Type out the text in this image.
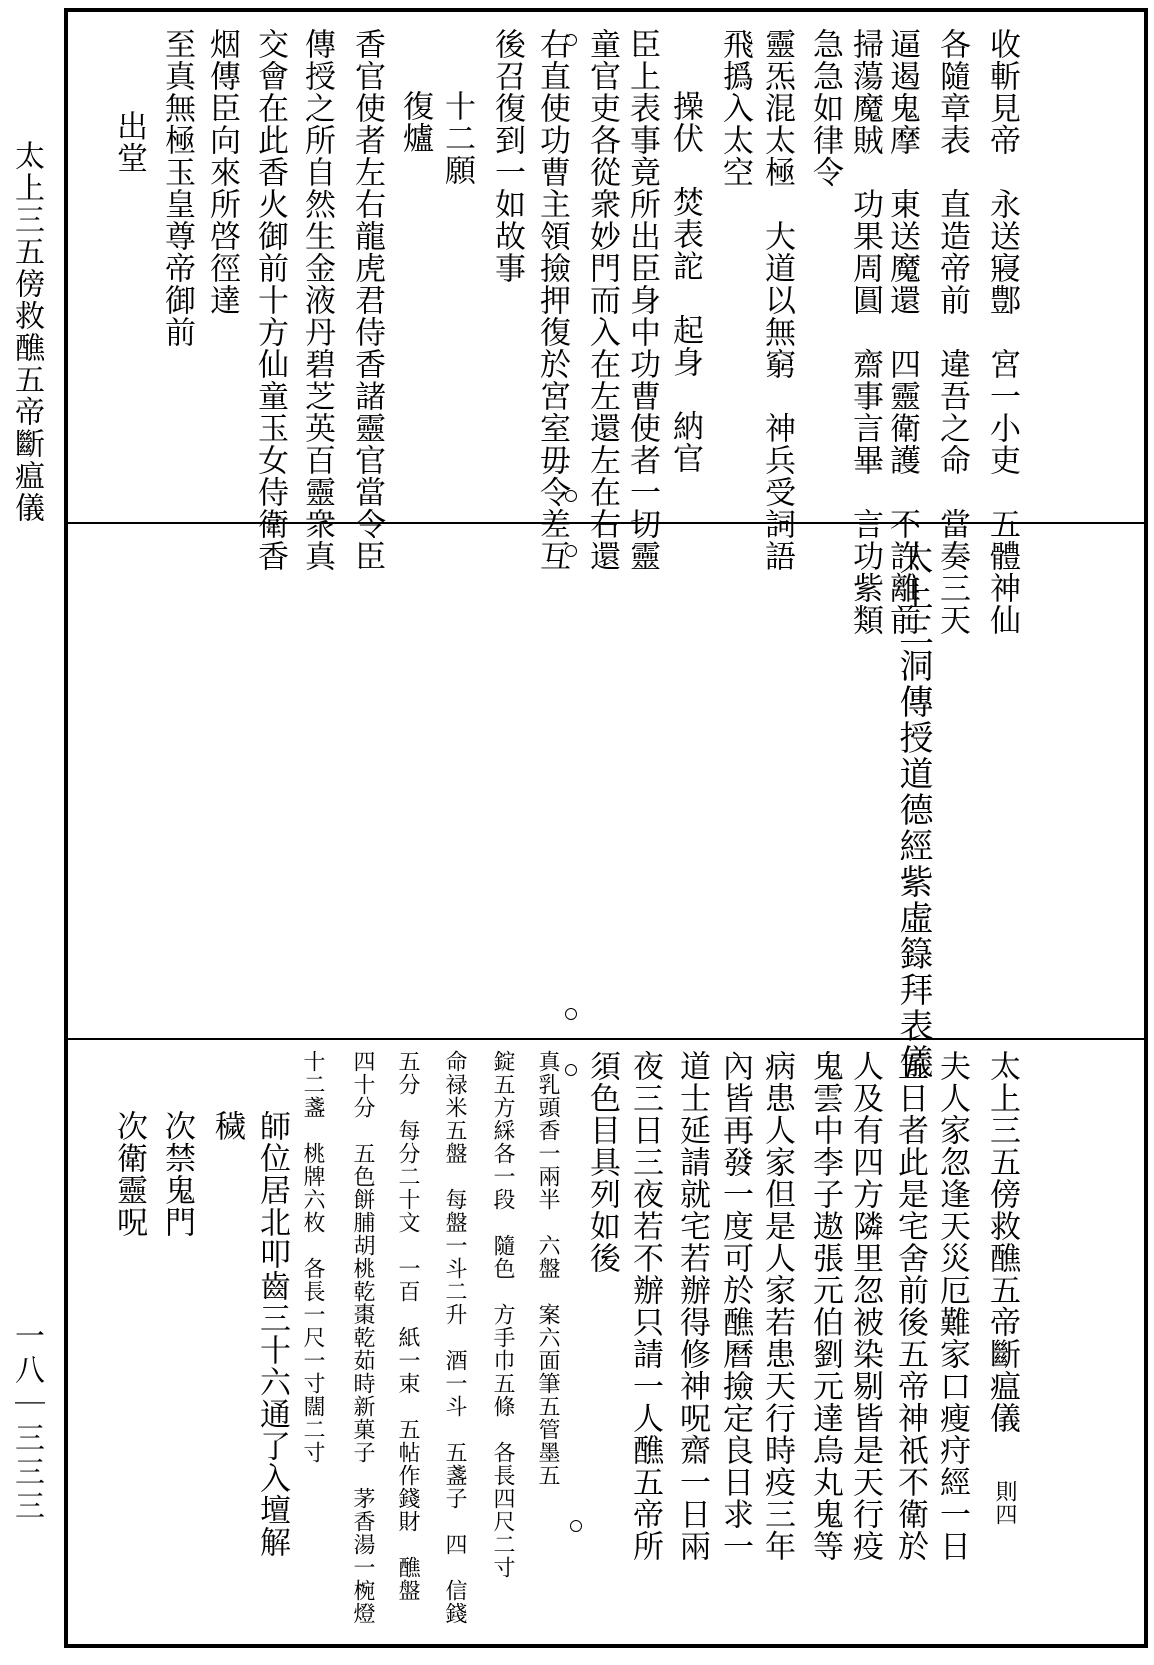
太上三五傍救醮五帝斷瘟儀
一八｜三三三
收斬見帝　永送寢鄷　宮一小吏　五體神仙
各隨章表　直造帝前　違吾之命　當奏三天
逼遏鬼摩　東送魔還　四靈衛護　不許離前
掃蕩魔賊　功果周圓　齋事言畢　言功紫類
急急如律令
靈炁混太極　大道以無窮　神兵受詞語
飛撝入太空
操伏　焚表詑　起身　納官
臣上表事竟所出臣身中功曹使者一切靈
童官吏各從衆妙門而入在左還左在右還
右直使功曹主領撿押復於宮室毋令差互
後召復到一如故事
十二願
復爐
香官使者左右龍虎君侍香諸靈官當令臣
傳授之所自然生金液丹碧芝英百靈衆真
交會在此香火御前十方仙童玉女侍衛香
烟傳臣向來所啓徑達
至真無極玉皇尊帝御前
出堂
太上三洞傳授道德經紫虛籙拜表儀
太上三五傍救醮五帝斷瘟儀
則四
夫人家忽逢天災厄難家口瘦疛經一日
五日者此是宅舍前後五帝神祇不衛於
人及有四方隣里忽被染剔皆是天行疫
鬼雲中李子遨張元伯劉元達烏丸鬼等
病患人家但是人家若患天行時疫三年
內皆再發一度可於醮曆撿定良日求一
道士延請就宅若辦得修神呪齋一日兩
夜三日三夜若不辦只請一人醮五帝所
須色目具列如後
真乳頭香一兩半　六盤　案六面筆五管墨五
錠五方綵各一段　隨色　方手巾五條　各長四尺二寸
命禄米五盤　每盤一斗二升　酒一斗　五盞子　四　信錢
五分　每分二十文　一百　紙一束　五帖作錢財　醮盤
四十分　五色餅脯胡桃乾棗乾茹時新菓子　茅香湯一椀燈
十二盞　桃牌六枚　各長一尺一寸闊二寸
師位居北叩齒三十六通了入壇解
穢
次禁鬼門
次衛靈呪
